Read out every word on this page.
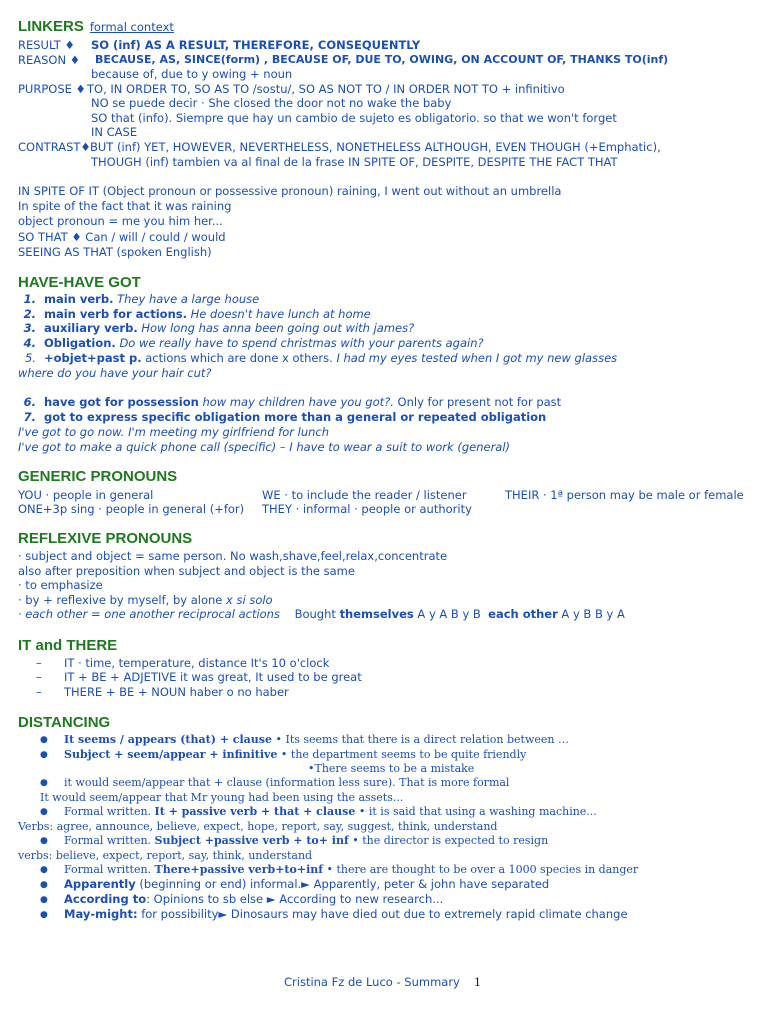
LINKERS formal context
RESULT ♦ SO (inf) AS A RESULT, THEREFORE, CONSEQUENTLY
REASON ♦ BECAUSE, AS, SINCE(form) , BECAUSE OF, DUE TO, OWING, ON ACCOUNT OF, THANKS TO(inf)
because of, due to y owing + noun
PURPOSE ♦ TO, IN ORDER TO, SO AS TO /sostu/, SO AS NOT TO / IN ORDER NOT TO + infinitivo
NO se puede decir · She closed the door not no wake the baby
SO that (info). Siempre que hay un cambio de sujeto es obligatorio. so that we won't forget
IN CASE
CONTRAST♦ BUT (inf) YET, HOWEVER, NEVERTHELESS, NONETHELESS ALTHOUGH, EVEN THOUGH (+Emphatic),
THOUGH (inf) tambien va al final de la frase IN SPITE OF, DESPITE, DESPITE THE FACT THAT
IN SPITE OF IT (Object pronoun or possessive pronoun) raining, I went out without an umbrella
In spite of the fact that it was raining
object pronoun = me you him her...
SO THAT ♦ Can / will / could / would
SEEING AS THAT (spoken English)
HAVE-HAVE GOT
1. main verb. They have a large house
2. main verb for actions. He doesn't have lunch at home
3. auxiliary verb. How long has anna been going out with james?
4. Obligation. Do we really have to spend christmas with your parents again?
5. +objet+past p. actions which are done x others. I had my eyes tested when I got my new glasses
where do you have your hair cut?
6. have got for possession how may children have you got?. Only for present not for past
7. got to express specific obligation more than a general or repeated obligation
I've got to go now. I'm meeting my girlfriend for lunch
I've got to make a quick phone call (specific) – I have to wear a suit to work (general)
GENERIC PRONOUNS
YOU · people in general	WE · to include the reader / listener	THEIR · 1ª person may be male or female
ONE+3p sing · people in general (+for) THEY · informal · people or authority
REFLEXIVE PRONOUNS
· subject and object = same person. No wash,shave,feel,relax,concentrate
also after preposition when subject and object is the same
· to emphasize
· by + reflexive by myself, by alone x si solo
· each other = one another reciprocal actions Bought themselves A y A B y B each other A y B B y A
IT and THERE
– IT · time, temperature, distance It's 10 o'clock
– IT + BE + ADJETIVE it was great, It used to be great
– THERE + BE + NOUN haber o no haber
DISTANCING
● It seems / appears (that) + clause • Its seems that there is a direct relation between …
● Subject + seem/appear + infinitive • the department seems to be quite friendly
•There seems to be a mistake
● it would seem/appear that + clause (information less sure). That is more formal
It would seem/appear that Mr young had been using the assets...
● Formal written. It + passive verb + that + clause • it is said that using a washing machine...
Verbs: agree, announce, believe, expect, hope, report, say, suggest, think, understand
● Formal written. Subject +passive verb + to+ inf • the director is expected to resign
verbs: believe, expect, report, say, think, understand
● Formal written. There+passive verb+to+inf • there are thought to be over a 1000 species in danger
● Apparently (beginning or end) informal.► Apparently, peter & john have separated
● According to: Opinions to sb else ► According to new research...
● May-might: for possibility► Dinosaurs may have died out due to extremely rapid climate change
Cristina Fz de Luco - Summary 1
